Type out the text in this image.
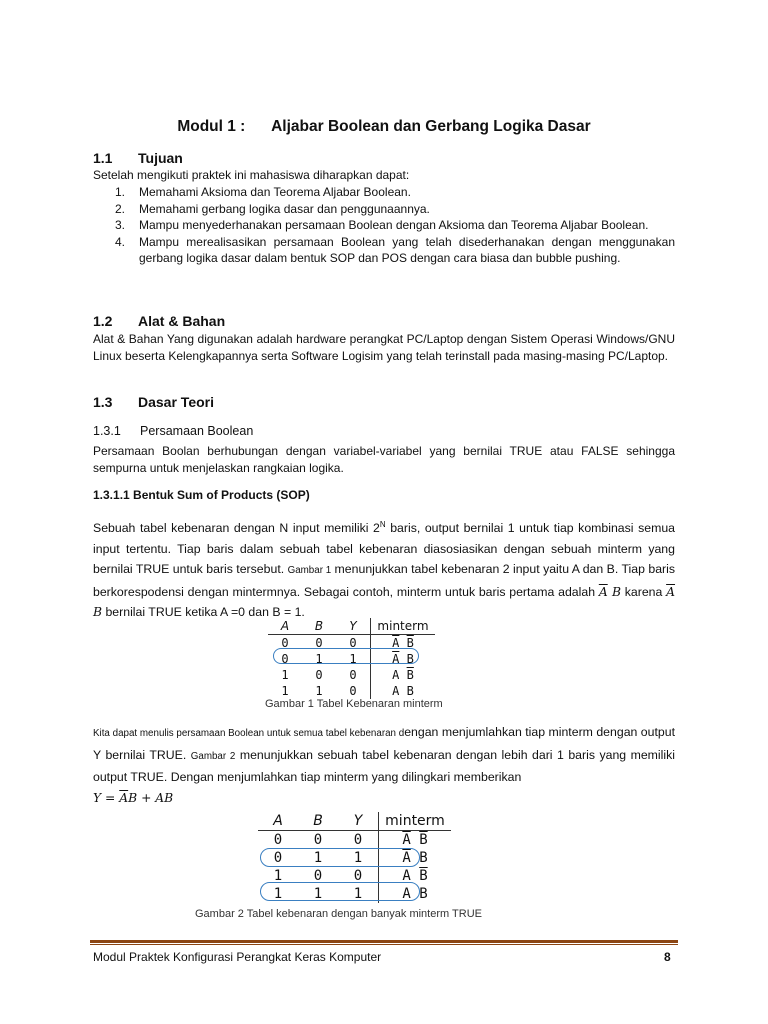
Modul 1 : Aljabar Boolean dan Gerbang Logika Dasar
1.1 Tujuan
Setelah mengikuti praktek ini mahasiswa diharapkan dapat:
1. Memahami Aksioma dan Teorema Aljabar Boolean.
2. Memahami gerbang logika dasar dan penggunaannya.
3. Mampu menyederhanakan persamaan Boolean dengan Aksioma dan Teorema Aljabar Boolean.
4. Mampu merealisasikan persamaan Boolean yang telah disederhanakan dengan menggunakan gerbang logika dasar dalam bentuk SOP dan POS dengan cara biasa dan bubble pushing.
1.2 Alat & Bahan
Alat & Bahan Yang digunakan adalah hardware perangkat PC/Laptop dengan Sistem Operasi Windows/GNU Linux beserta Kelengkapannya serta Software Logisim yang telah terinstall pada masing-masing PC/Laptop.
1.3 Dasar Teori
1.3.1 Persamaan Boolean
Persamaan Boolan berhubungan dengan variabel-variabel yang bernilai TRUE atau FALSE sehingga sempurna untuk menjelaskan rangkaian logika.
1.3.1.1 Bentuk Sum of Products (SOP)
Sebuah tabel kebenaran dengan N input memiliki $2^N$ baris, output bernilai 1 untuk tiap kombinasi semua input tertentu. Tiap baris dalam sebuah tabel kebenaran diasosiasikan dengan sebuah minterm yang bernilai TRUE untuk baris tersebut. Gambar 1 menunjukkan tabel kebenaran 2 input yaitu A dan B. Tiap baris berkorespodensi dengan mintermnya. Sebagai contoh, minterm untuk baris pertama adalah $\overline{A}$ B karena $\overline{A}$ B bernilai TRUE ketika A =0 dan B = 1.
A	B	Y	minterm
0	0	0	$\overline{A}$ $\overline{B}$
0	1	1	$\overline{A}$ B
1	0	0	A $\overline{B}$
1	1	0	A B
Gambar 1 Tabel Kebenaran minterm
Kita dapat menulis persamaan Boolean untuk semua tabel kebenaran dengan menjumlahkan tiap minterm dengan output Y bernilai TRUE. Gambar 2 menunjukkan sebuah tabel kebenaran dengan lebih dari 1 baris yang memiliki output TRUE. Dengan menjumlahkan tiap minterm yang dilingkari memberikan
$Y = \overline{A}B$ + AB
A	B	Y	minterm
0	0	0	$\overline{A}$ $\overline{B}$
0	1	1	$\overline{A}$ B
1	0	0	A $\overline{B}$
1	1	1	A B
Gambar 2 Tabel kebenaran dengan banyak minterm TRUE
Modul Praktek Konfigurasi Perangkat Keras Komputer	8
